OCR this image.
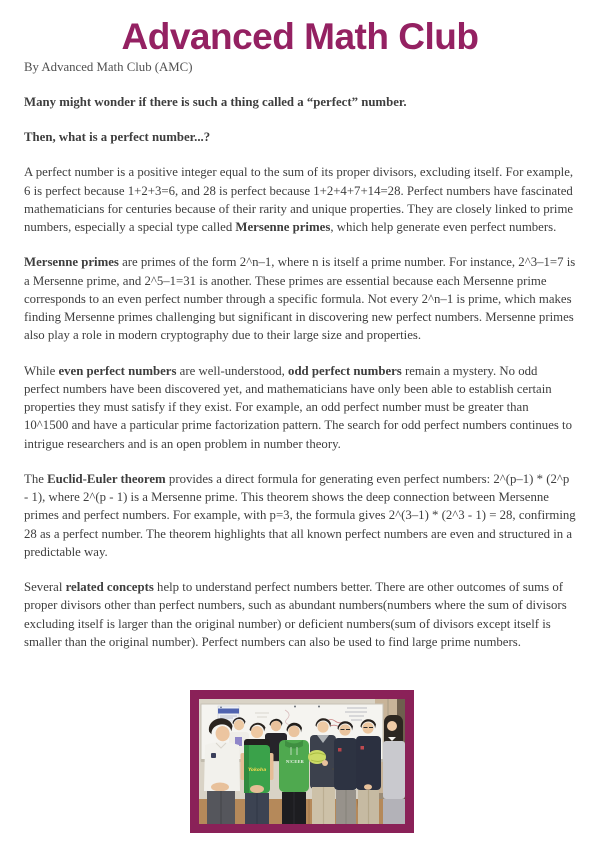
Advanced Math Club

By Advanced Math Club (AMC)

Many might wonder if there is such a thing called a “perfect” number.

Then, what is a perfect number...?

A perfect number is a positive integer equal to the sum of its proper divisors, excluding itself. For example, 6 is perfect because 1+2+3=6, and 28 is perfect because 1+2+4+7+14=28. Perfect numbers have fascinated mathematicians for centuries because of their rarity and unique properties. They are closely linked to prime numbers, especially a special type called Mersenne primes, which help generate even perfect numbers.

Mersenne primes are primes of the form 2^n–1, where n is itself a prime number. For instance, 2^3–1=7 is a Mersenne prime, and 2^5–1=31 is another. These primes are essential because each Mersenne prime corresponds to an even perfect number through a specific formula. Not every 2^n–1 is prime, which makes finding Mersenne primes challenging but significant in discovering new perfect numbers. Mersenne primes also play a role in modern cryptography due to their large size and properties.

While even perfect numbers are well-understood, odd perfect numbers remain a mystery. No odd perfect numbers have been discovered yet, and mathematicians have only been able to establish certain properties they must satisfy if they exist. For example, an odd perfect number must be greater than 10^1500 and have a particular prime factorization pattern. The search for odd perfect numbers continues to intrigue researchers and is an open problem in number theory.

The Euclid-Euler theorem provides a direct formula for generating even perfect numbers: 2^(p–1) * (2^p - 1), where 2^(p - 1) is a Mersenne prime. This theorem shows the deep connection between Mersenne primes and perfect numbers. For example, with p=3, the formula gives 2^(3–1) * (2^3 - 1) = 28, confirming 28 as a perfect number. The theorem highlights that all known perfect numbers are even and structured in a predictable way.

Several related concepts help to understand perfect numbers better. There are other outcomes of sums of proper divisors other than perfect numbers, such as abundant numbers(numbers where the sum of divisors excluding itself is larger than the original number) or deficient numbers(sum of divisors except itself is smaller than the original number). Perfect numbers can also be used to find large prime numbers.

Yokoha
N!CEER
